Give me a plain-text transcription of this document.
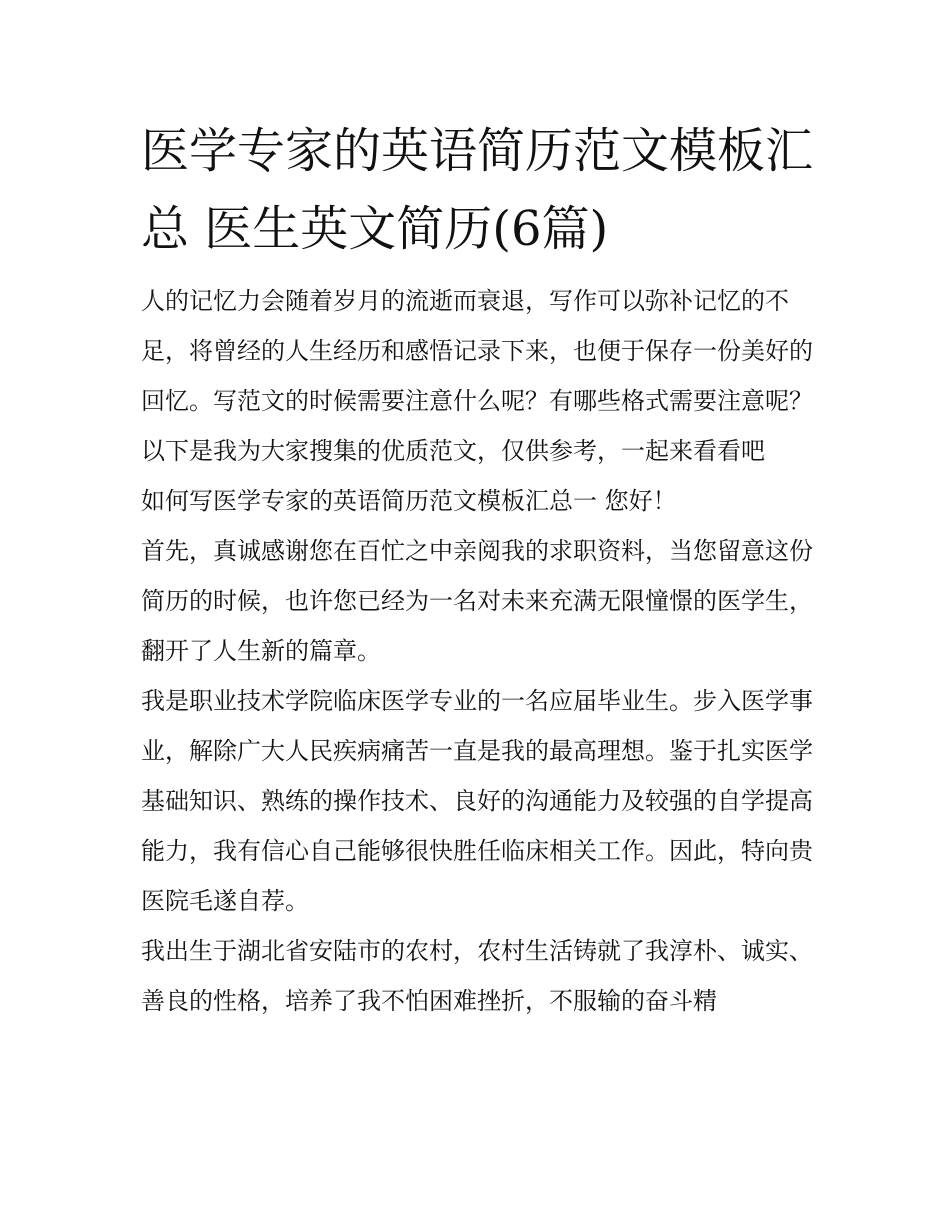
医学专家的英语简历范文模板汇总 医生英文简历(6篇)

人的记忆力会随着岁月的流逝而衰退，写作可以弥补记忆的不足，将曾经的人生经历和感悟记录下来，也便于保存一份美好的回忆。写范文的时候需要注意什么呢？有哪些格式需要注意呢？以下是我为大家搜集的优质范文，仅供参考，一起来看看吧

如何写医学专家的英语简历范文模板汇总一 您好！

首先，真诚感谢您在百忙之中亲阅我的求职资料，当您留意这份简历的时候，也许您已经为一名对未来充满无限憧憬的医学生，翻开了人生新的篇章。

我是职业技术学院临床医学专业的一名应届毕业生。步入医学事业，解除广大人民疾病痛苦一直是我的最高理想。鉴于扎实医学基础知识、熟练的操作技术、良好的沟通能力及较强的自学提高能力，我有信心自己能够很快胜任临床相关工作。因此，特向贵医院毛遂自荐。

我出生于湖北省安陆市的农村，农村生活铸就了我淳朴、诚实、善良的性格，培养了我不怕困难挫折，不服输的奋斗精
